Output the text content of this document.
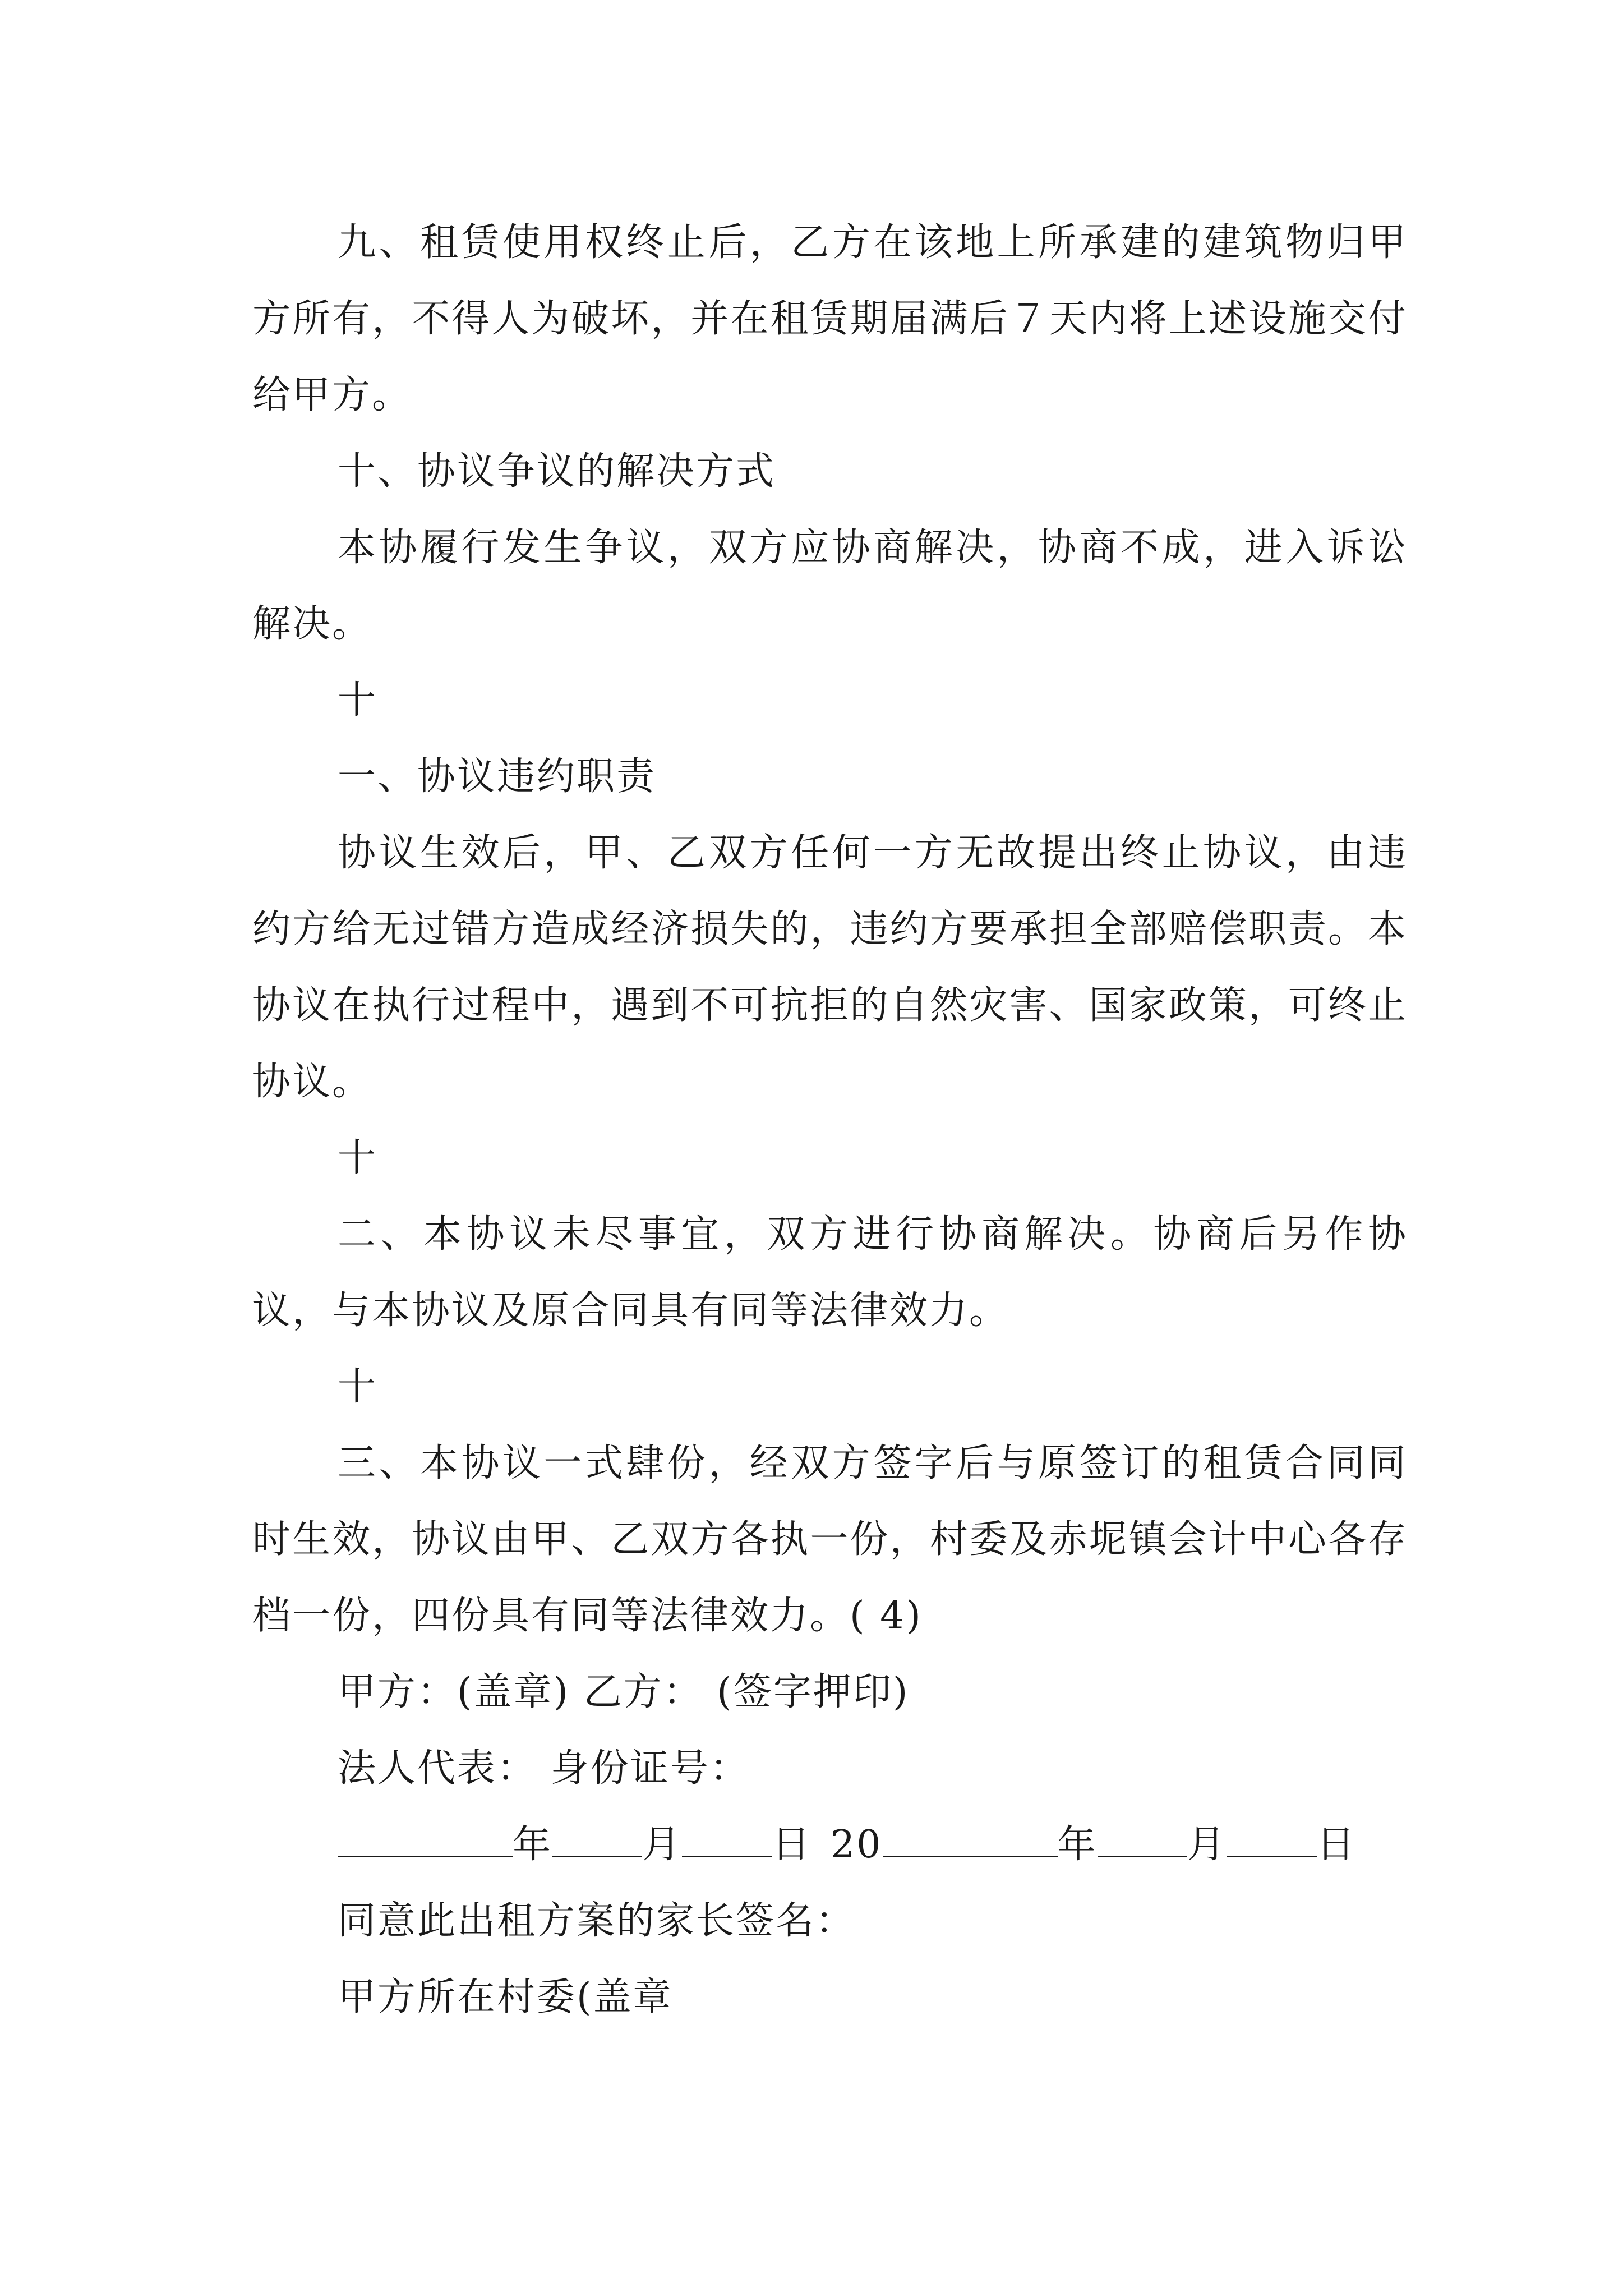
九、租赁使用权终止后，乙方在该地上所承建的建筑物归甲方所有，不得人为破坏，并在租赁期届满后７天内将上述设施交付给甲方。

十、协议争议的解决方式

本协履行发生争议，双方应协商解决，协商不成，进入诉讼解决。

十

一、协议违约职责

协议生效后，甲、乙双方任何一方无故提出终止协议，由违约方给无过错方造成经济损失的，违约方要承担全部赔偿职责。本协议在执行过程中，遇到不可抗拒的自然灾害、国家政策，可终止协议。

十

二、本协议未尽事宜，双方进行协商解决。协商后另作协议，与本协议及原合同具有同等法律效力。

十

三、本协议一式肆份，经双方签字后与原签订的租赁合同同时生效，协议由甲、乙双方各执一份，村委及赤坭镇会计中心各存档一份，四份具有同等法律效力。( 4)

甲方：(盖章) 乙方： (签字押印)

法人代表： 身份证号：

年 月 日 20	年 月 日

同意此出租方案的家长签名：

甲方所在村委(盖章
